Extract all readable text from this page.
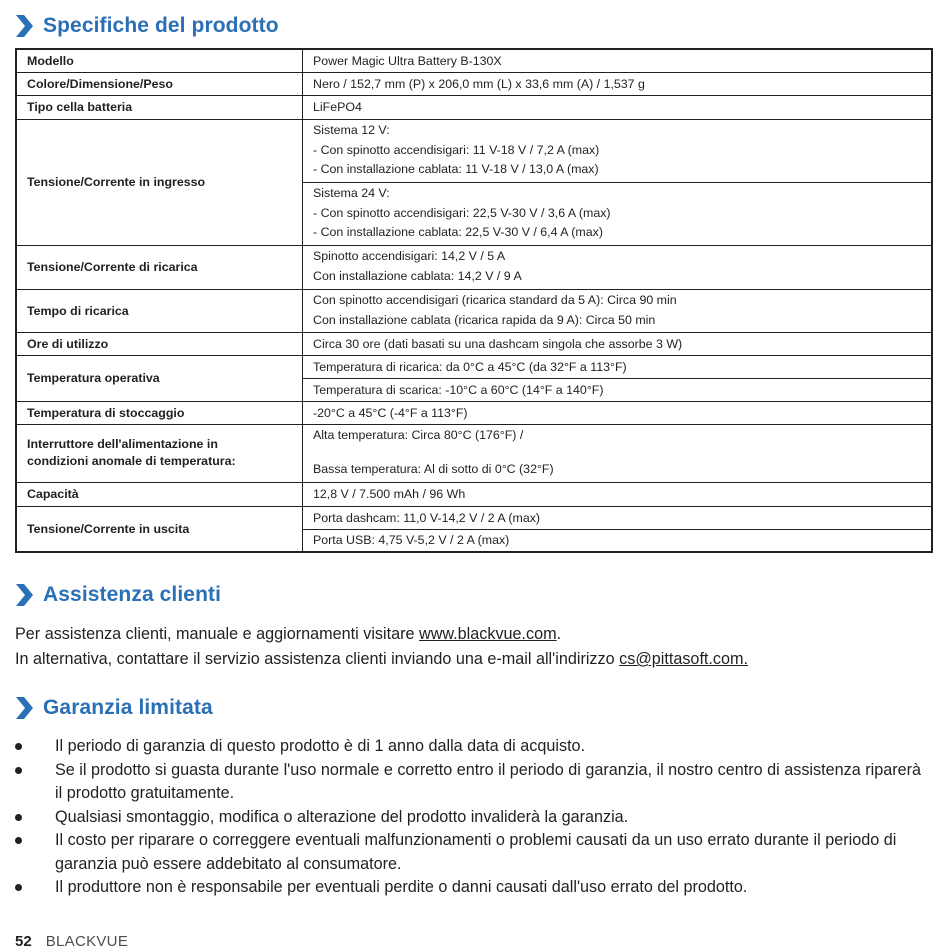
Specifiche del prodotto
Modello	Power Magic Ultra Battery B-130X
Colore/Dimensione/Peso	Nero / 152,7 mm (P) x 206,0 mm (L) x 33,6 mm (A) / 1,537 g
Tipo cella batteria	LiFePO4
Tensione/Corrente in ingresso	Sistema 12 V:
- Con spinotto accendisigari: 11 V-18 V / 7,2 A (max)
- Con installazione cablata: 11 V-18 V / 13,0 A (max)

	Sistema 24 V:
- Con spinotto accendisigari: 22,5 V-30 V / 3,6 A (max)
- Con installazione cablata: 22,5 V-30 V / 6,4 A (max)

Tensione/Corrente di ricarica	Spinotto accendisigari: 14,2 V / 5 A
Con installazione cablata: 14,2 V / 9 A

Tempo di ricarica	Con spinotto accendisigari (ricarica standard da 5 A): Circa 90 min
Con installazione cablata (ricarica rapida da 9 A): Circa 50 min

Ore di utilizzo	Circa 30 ore (dati basati su una dashcam singola che assorbe 3 W)
Temperatura operativa	Temperatura di ricarica: da 0°C a 45°C (da 32°F a 113°F)
	Temperatura di scarica: -10°C a 60°C (14°F a 140°F)
Temperatura di stoccaggio	-20°C a 45°C (-4°F a 113°F)

Interruttore dell'alimentazione in
condizioni anomale di temperatura:	Alta temperatura: Circa 80°C (176°F) /
Bassa temperatura: Al di sotto di 0°C (32°F)

Capacità	12,8 V / 7.500 mAh / 96 Wh
Tensione/Corrente in uscita	Porta dashcam: 11,0 V-14,2 V / 2 A (max)
	Porta USB: 4,75 V-5,2 V / 2 A (max)
Assistenza clienti
Per assistenza clienti, manuale e aggiornamenti visitare www.blackvue.com.
In alternativa, contattare il servizio assistenza clienti inviando una e-mail all'indirizzo cs@pittasoft.com.
Garanzia limitata
Il periodo di garanzia di questo prodotto è di 1 anno dalla data di acquisto.
Se il prodotto si guasta durante l'uso normale e corretto entro il periodo di garanzia, il nostro centro di assistenza riparerà
il prodotto gratuitamente.
Qualsiasi smontaggio, modifica o alterazione del prodotto invaliderà la garanzia.
Il costo per riparare o correggere eventuali malfunzionamenti o problemi causati da un uso errato durante il periodo di
garanzia può essere addebitato al consumatore.
Il produttore non è responsabile per eventuali perdite o danni causati dall'uso errato del prodotto.
52 BLACKVUE
